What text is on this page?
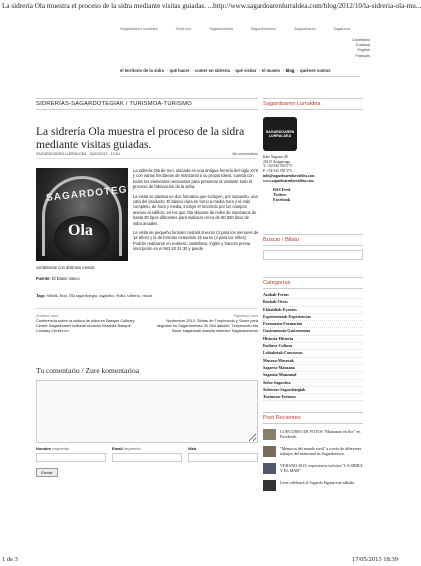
La sidrería Ola muestra el proceso de la sidra mediante visitas guiadas. ... http://www.sagardoarenlurraldea.com/blog/2012/10/la-sidreria-ola-mu...
Sagardoaren lurraldea	Texts info	Sagardoetxea	Sagardoetxeko	Sagardoaren	Sagardoa
Castellano
Euskara
English
Français
el territorio de la sidra · qué hacer · comer en sidrería · qué visitar · el museo · blog · quiénes somos
SIDRERÍAS-SAGARDOTEGIAK / TURISMOA-TURISMO
La sidrería Ola muestra el proceso de la sidra mediante visitas guiadas.
SAGARDOAREN LURRALDEA - 26/10/2012 - 10:54	Sin comentarios
SAGARDOTEGIA
Ola

La sidrería Ola de Irun, ubicada en una antigua ferrería del siglo XVII y con varias hectáreas de manzanal a su propia tolera, cuenta con todos los elementos necesarios para presentar al visitante todo el proceso de fabricación de la sidra.

La visita se plantea en dos formatos que incluyen, por supuesto, una cata del producto. El básico dura en torno a media hora y el más completo, de hora y media, incluye el recorrido por los campos anexos al edificio, en los que Ola dispone de miles de manzanos de hasta 30 tipos diferentes para elaborar cerca de 80.000 litros de sidra anuales.

La visita de pequeño formato costará 8 euros (3 para los menores de 12 años) y la de formato extendido 15 euros (4 para los niños). Podrán realizarse en euskera, castellano, inglés y francés previa inscripción en el 943 62 31 30 y puede

combinarse con distintos menús.
Fuente: El Diario Vasco
Tags: Sidrák, Irun, Ola sagardotegia, sagardoa, Sidra, sidrería, visitas
Anterior post
Conferencia sobre la cultura de sidra en Basque Culinary Center Sagardoaren kulturari buruzko hitzaldia Basque Culinary Center-en
Siguiente post
Noviembre 2012: Sidras de Txepinondo y Sacer para degustar en Sagardoetxea 30 Otxi adiskin: Txepinondo eta Sacer sagardoak dastatu daitezke Sagardoetxean
Tu comentario / Zure komentarioa
Nombre requerido	Email requerido	Web
Enviar
Sagardoaren Lurraldea
SAGARDOAREN LURRALDEA
Kale Nagusia 48
20115 Astigarraga
T. +34 943 550 575
F. +34 943 550 575
info@sagardoarenlurraldea.com
www.sagardoarenlurraldea.com
RSS Feed
Twitter
Facebook
Buscar / Bilatu
Categorías
Azokak-Ferias
Boxkak-Otras
Ekitaldiak-Eventos
Esperientziak-Experiencias
Formazioa-Formación
Gastronomía-Gastronomía
Historia-Historia
Kultura-Cultura
Lehiaketak-Concursos
Museoa-Museoak
Sagarra-Manzana
Sagastia-Manzanal
Sidra-Sagardoa
Sidrerías-Sagardotegiak
Turismoa-Turismo
Post Recientes
CONCURSO DE FOTOS "Manzanas en flor" en Facebook.
"Memoria del mundo rural" a través de diferentes trabajos del manzanal en Sagardoetxea.
VERANO 2013: experiencia turística "LA SIDRA Y EL MAR"
Leon celebrará el Sagardo Eguna este sábado.
1 de 3	17/05/2013 18:39
